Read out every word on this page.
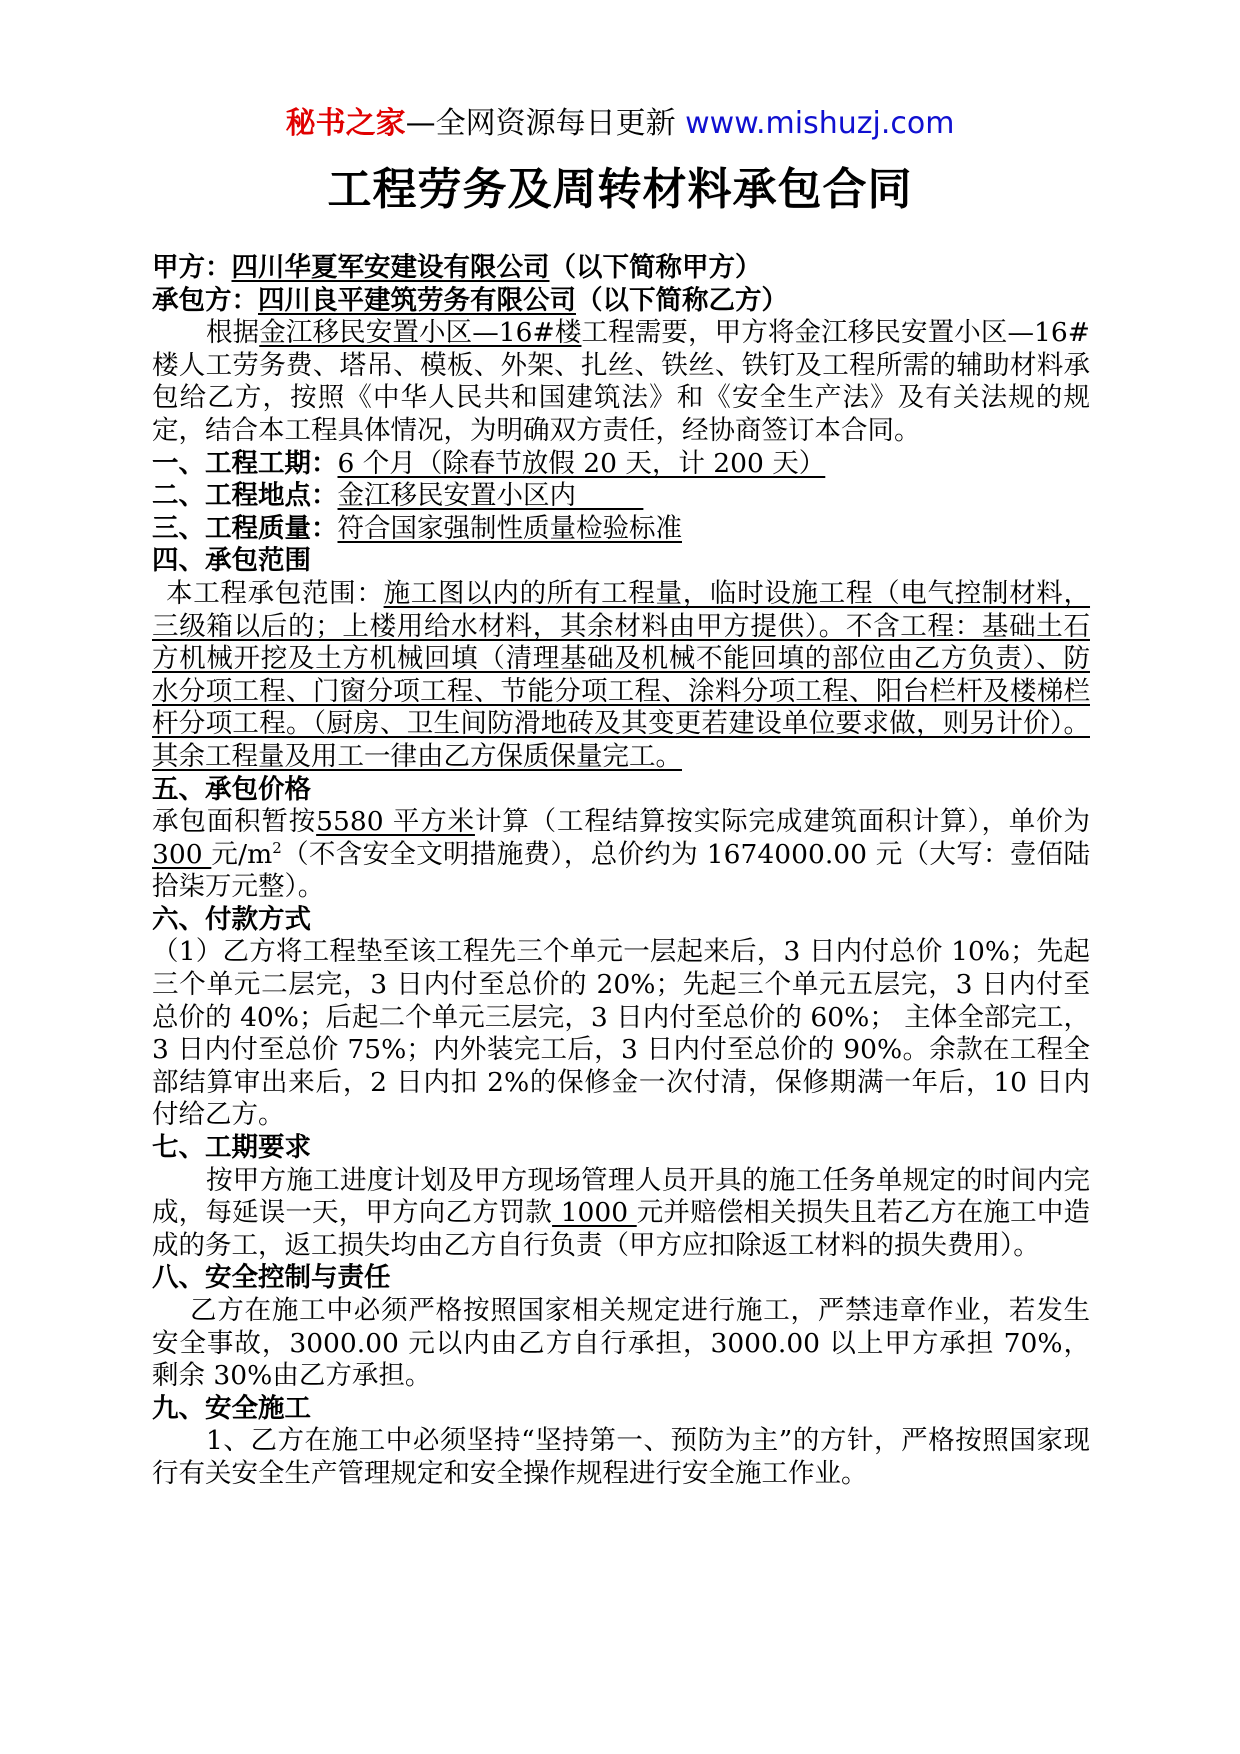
秘书之家—全网资源每日更新 www.mishuzj.com
工程劳务及周转材料承包合同

甲方：四川华夏军安建设有限公司（以下简称甲方）

承包方：四川良平建筑劳务有限公司（以下简称乙方）

根据金江移民安置小区—16#楼工程需要，甲方将金江移民安置小区—16#楼人工劳务费、塔吊、模板、外架、扎丝、铁丝、铁钉及工程所需的辅助材料承包给乙方，按照《中华人民共和国建筑法》和《安全生产法》及有关法规的规定，结合本工程具体情况，为明确双方责任，经协商签订本合同。

一、工程工期：6 个月（除春节放假 20 天，计 200 天）

二、工程地点：金江移民安置小区内

三、工程质量：符合国家强制性质量检验标准

四、承包范围

本工程承包范围：施工图以内的所有工程量，临时设施工程（电气控制材料，三级箱以后的；上楼用给水材料，其余材料由甲方提供）。不含工程：基础土石方机械开挖及土方机械回填（清理基础及机械不能回填的部位由乙方负责）、防水分项工程、门窗分项工程、节能分项工程、涂料分项工程、阳台栏杆及楼梯栏杆分项工程。（厨房、卫生间防滑地砖及其变更若建设单位要求做，则另计价）。其余工程量及用工一律由乙方保质保量完工。

五、承包价格

承包面积暂按5580 平方米计算（工程结算按实际完成建筑面积计算），单价为300 元$/m^2$（不含安全文明措施费），总价约为 1674000.00 元（大写：壹佰陆拾柒万元整）。

六、付款方式

（1）乙方将工程垫至该工程先三个单元一层起来后，3 日内付总价 10%；先起三个单元二层完，3 日内付至总价的 20%；先起三个单元五层完，3 日内付至总价的 40%；后起二个单元三层完，3 日内付至总价的 60%； 主体全部完工，3 日内付至总价 75%；内外装完工后，3 日内付至总价的 90%。余款在工程全部结算审出来后，2 日内扣 2%的保修金一次付清，保修期满一年后，10 日内付给乙方。

七、工期要求

按甲方施工进度计划及甲方现场管理人员开具的施工任务单规定的时间内完成，每延误一天，甲方向乙方罚款 1000 元并赔偿相关损失且若乙方在施工中造成的务工，返工损失均由乙方自行负责（甲方应扣除返工材料的损失费用）。

八、安全控制与责任

乙方在施工中必须严格按照国家相关规定进行施工，严禁违章作业，若发生安全事故，3000.00 元以内由乙方自行承担，3000.00 以上甲方承担 70%，剩余 30%由乙方承担。

九、安全施工

1、乙方在施工中必须坚持“坚持第一、预防为主”的方针，严格按照国家现行有关安全生产管理规定和安全操作规程进行安全施工作业。
